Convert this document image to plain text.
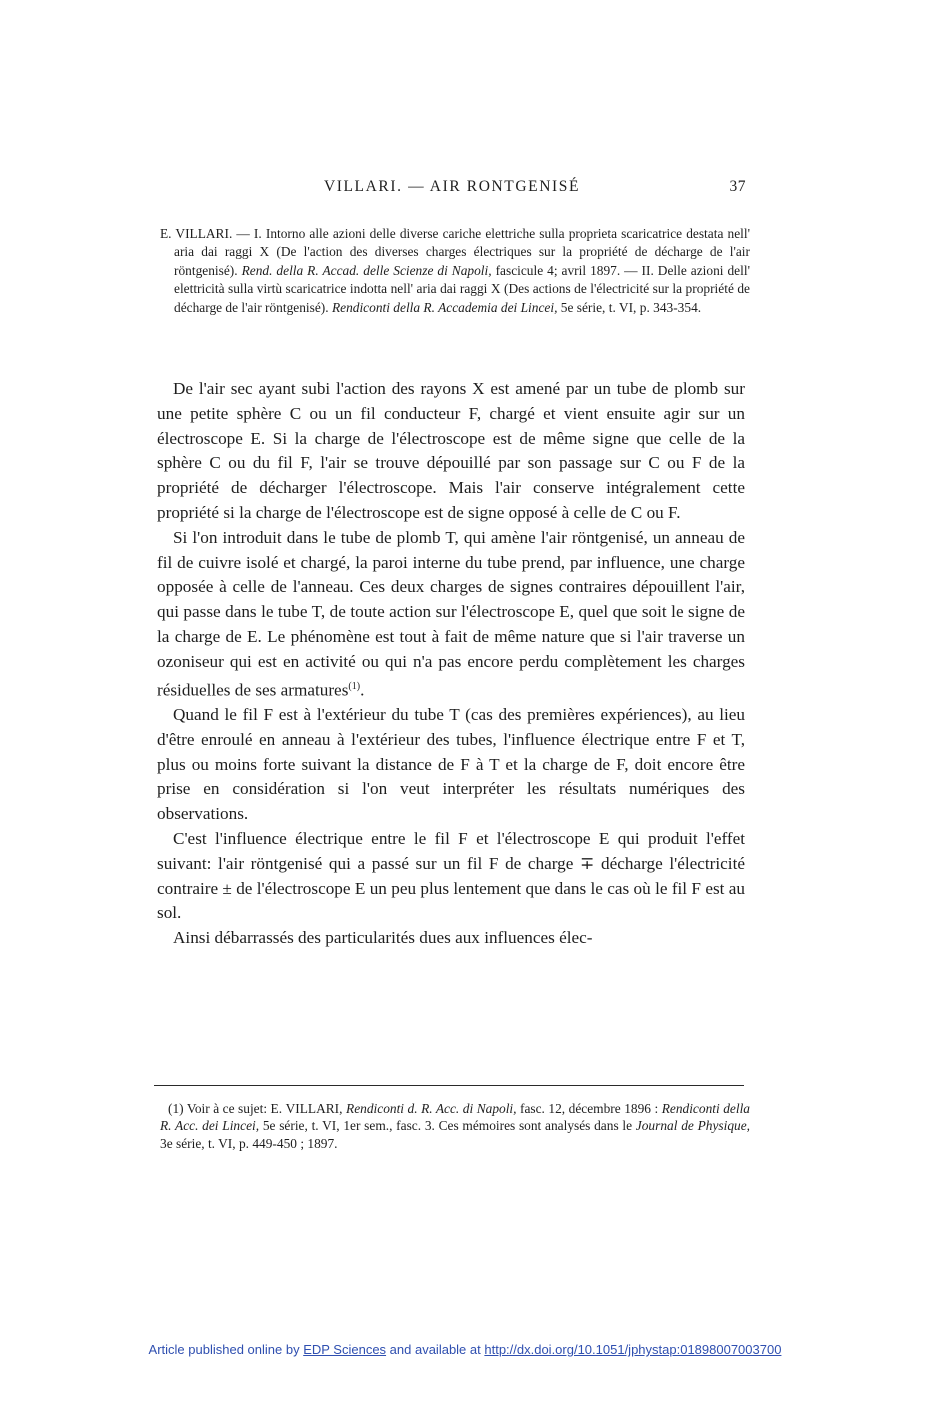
VILLARI. — AIR RONTGENISÉ	37

E. VILLARI. — I. Intorno alle azioni delle diverse cariche elettriche sulla proprieta scaricatrice destata nell' aria dai raggi X (De l'action des diverses charges électriques sur la propriété de décharge de l'air röntgenisé). Rend. della R. Accad. delle Scienze di Napoli, fascicule 4; avril 1897. — II. Delle azioni dell' elettricità sulla virtù scaricatrice indotta nell' aria dai raggi X (Des actions de l'électricité sur la propriété de décharge de l'air röntgenisé). Rendiconti della R. Accademia dei Lincei, 5e série, t. VI, p. 343-354.

De l'air sec ayant subi l'action des rayons X est amené par un tube de plomb sur une petite sphère C ou un fil conducteur F, chargé et vient ensuite agir sur un électroscope E. Si la charge de l'électroscope est de même signe que celle de la sphère C ou du fil F, l'air se trouve dépouillé par son passage sur C ou F de la propriété de décharger l'électroscope. Mais l'air conserve intégralement cette propriété si la charge de l'électroscope est de signe opposé à celle de C ou F.

Si l'on introduit dans le tube de plomb T, qui amène l'air röntgenisé, un anneau de fil de cuivre isolé et chargé, la paroi interne du tube prend, par influence, une charge opposée à celle de l'anneau. Ces deux charges de signes contraires dépouillent l'air, qui passe dans le tube T, de toute action sur l'électroscope E, quel que soit le signe de la charge de E. Le phénomène est tout à fait de même nature que si l'air traverse un ozoniseur qui est en activité ou qui n'a pas encore perdu complètement les charges résiduelles de ses armatures$^{(1)}$.

Quand le fil F est à l'extérieur du tube T (cas des premières expériences), au lieu d'être enroulé en anneau à l'extérieur des tubes, l'influence électrique entre F et T, plus ou moins forte suivant la distance de F à T et la charge de F, doit encore être prise en considération si l'on veut interpréter les résultats numériques des observations.

C'est l'influence électrique entre le fil F et l'électroscope E qui produit l'effet suivant: l'air röntgenisé qui a passé sur un fil F de charge ∓ décharge l'électricité contraire ± de l'électroscope E un peu plus lentement que dans le cas où le fil F est au sol.

Ainsi débarrassés des particularités dues aux influences élec-

(1) Voir à ce sujet: E. VILLARI, Rendiconti d. R. Acc. di Napoli, fasc. 12, décembre 1896 : Rendiconti della R. Acc. dei Lincei, 5e série, t. VI, 1er sem., fasc. 3. Ces mémoires sont analysés dans le Journal de Physique, 3e série, t. VI, p. 449-450 ; 1897.

Article published online by EDP Sciences and available at http://dx.doi.org/10.1051/jphystap:01898007003700
